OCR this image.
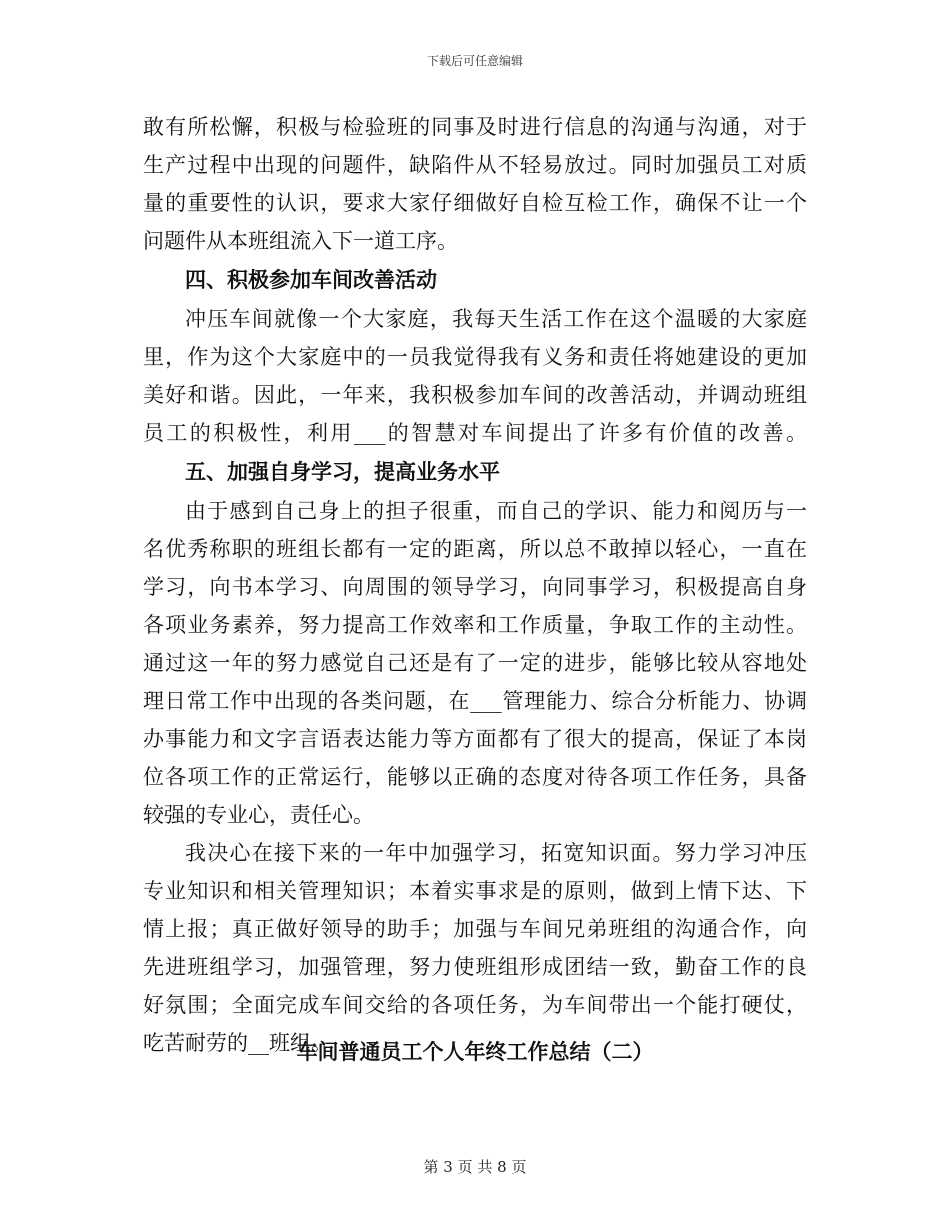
下载后可任意编辑
敢有所松懈，积极与检验班的同事及时进行信息的沟通与沟通，对于
生产过程中出现的问题件，缺陷件从不轻易放过。同时加强员工对质
量的重要性的认识，要求大家仔细做好自检互检工作，确保不让一个
问题件从本班组流入下一道工序。
四、积极参加车间改善活动
冲压车间就像一个大家庭，我每天生活工作在这个温暖的大家庭
里，作为这个大家庭中的一员我觉得我有义务和责任将她建设的更加
美好和谐。因此，一年来，我积极参加车间的改善活动，并调动班组
员工的积极性，利用___的智慧对车间提出了许多有价值的改善。
五、加强自身学习，提高业务水平
由于感到自己身上的担子很重，而自己的学识、能力和阅历与一
名优秀称职的班组长都有一定的距离，所以总不敢掉以轻心，一直在
学习，向书本学习、向周围的领导学习，向同事学习，积极提高自身
各项业务素养，努力提高工作效率和工作质量，争取工作的主动性。
通过这一年的努力感觉自己还是有了一定的进步，能够比较从容地处
理日常工作中出现的各类问题，在___管理能力、综合分析能力、协调
办事能力和文字言语表达能力等方面都有了很大的提高，保证了本岗
位各项工作的正常运行，能够以正确的态度对待各项工作任务，具备
较强的专业心，责任心。
我决心在接下来的一年中加强学习，拓宽知识面。努力学习冲压
专业知识和相关管理知识；本着实事求是的原则，做到上情下达、下
情上报；真正做好领导的助手；加强与车间兄弟班组的沟通合作，向
先进班组学习，加强管理，努力使班组形成团结一致，勤奋工作的良
好氛围；全面完成车间交给的各项任务，为车间带出一个能打硬仗，
吃苦耐劳的__班组。
车间普通员工个人年终工作总结（二）
第 3 页 共 8 页
